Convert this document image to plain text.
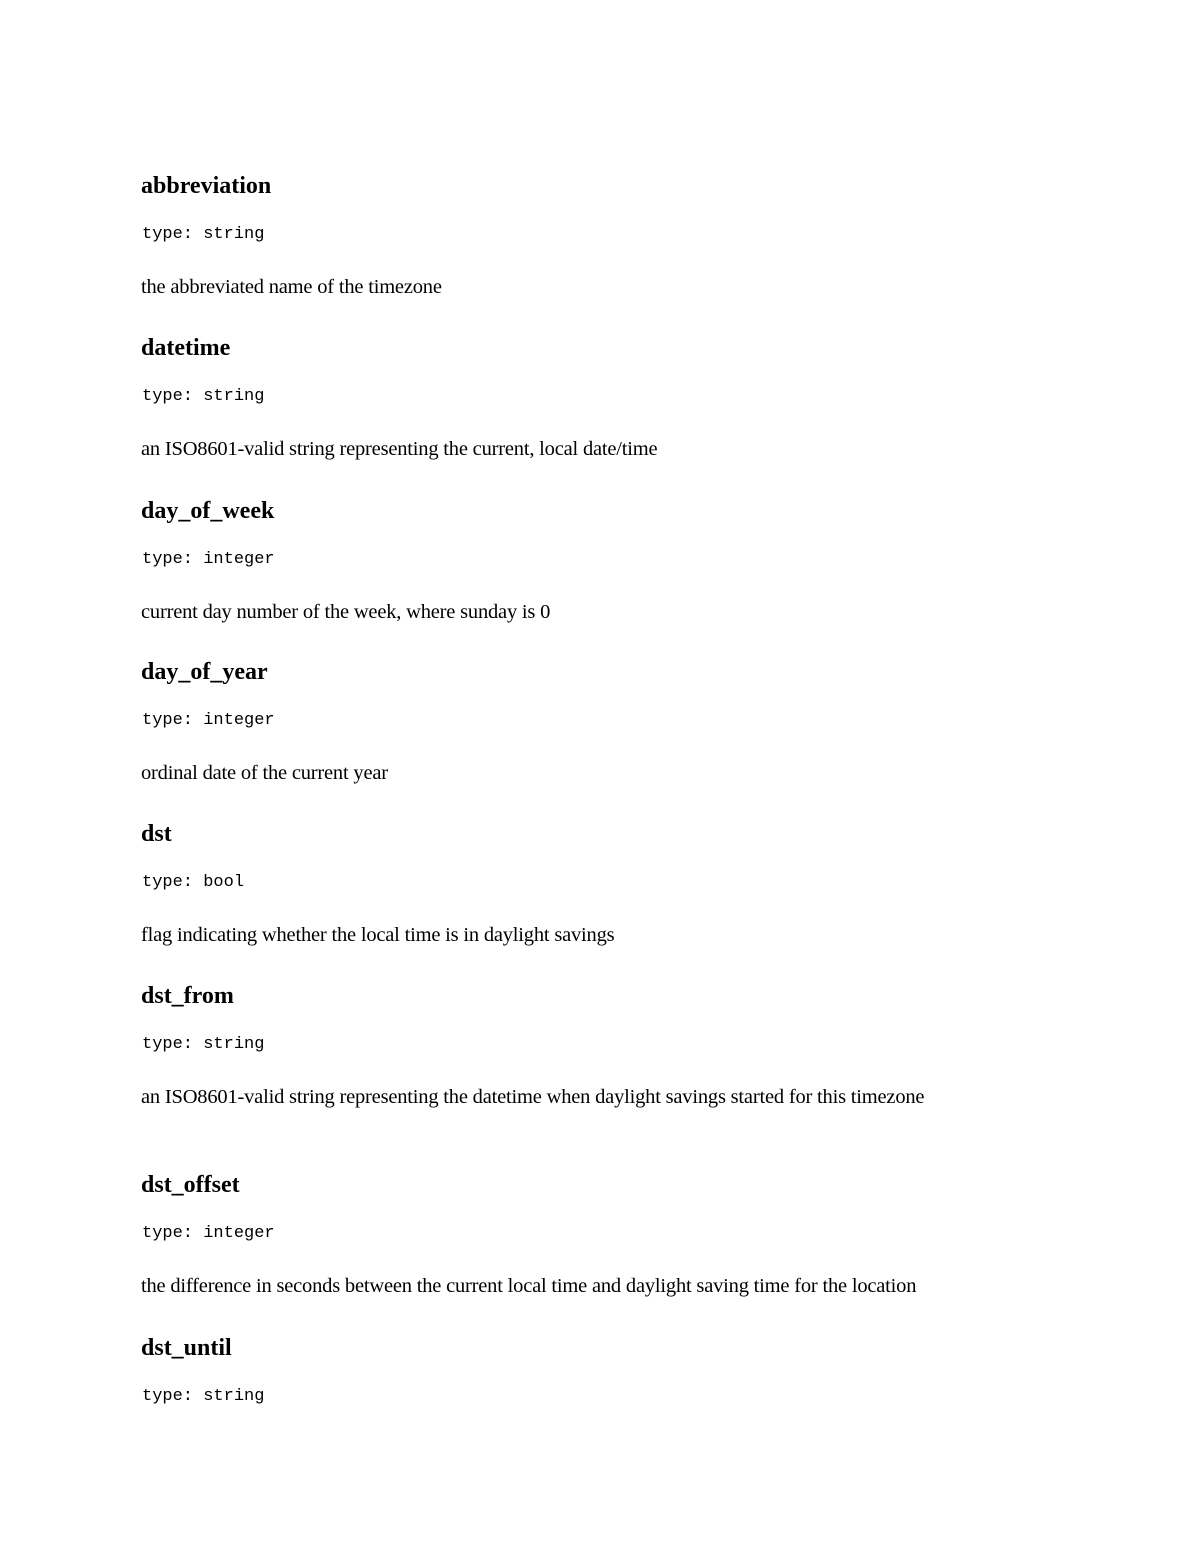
abbreviation
type: string

the abbreviated name of the timezone

datetime
type: string

an ISO8601-valid string representing the current, local date/time

day_of_week
type: integer

current day number of the week, where sunday is 0

day_of_year
type: integer

ordinal date of the current year

dst
type: bool

flag indicating whether the local time is in daylight savings

dst_from
type: string

an ISO8601-valid string representing the datetime when daylight savings started for this timezone

dst_offset
type: integer

the difference in seconds between the current local time and daylight saving time for the location

dst_until
type: string
